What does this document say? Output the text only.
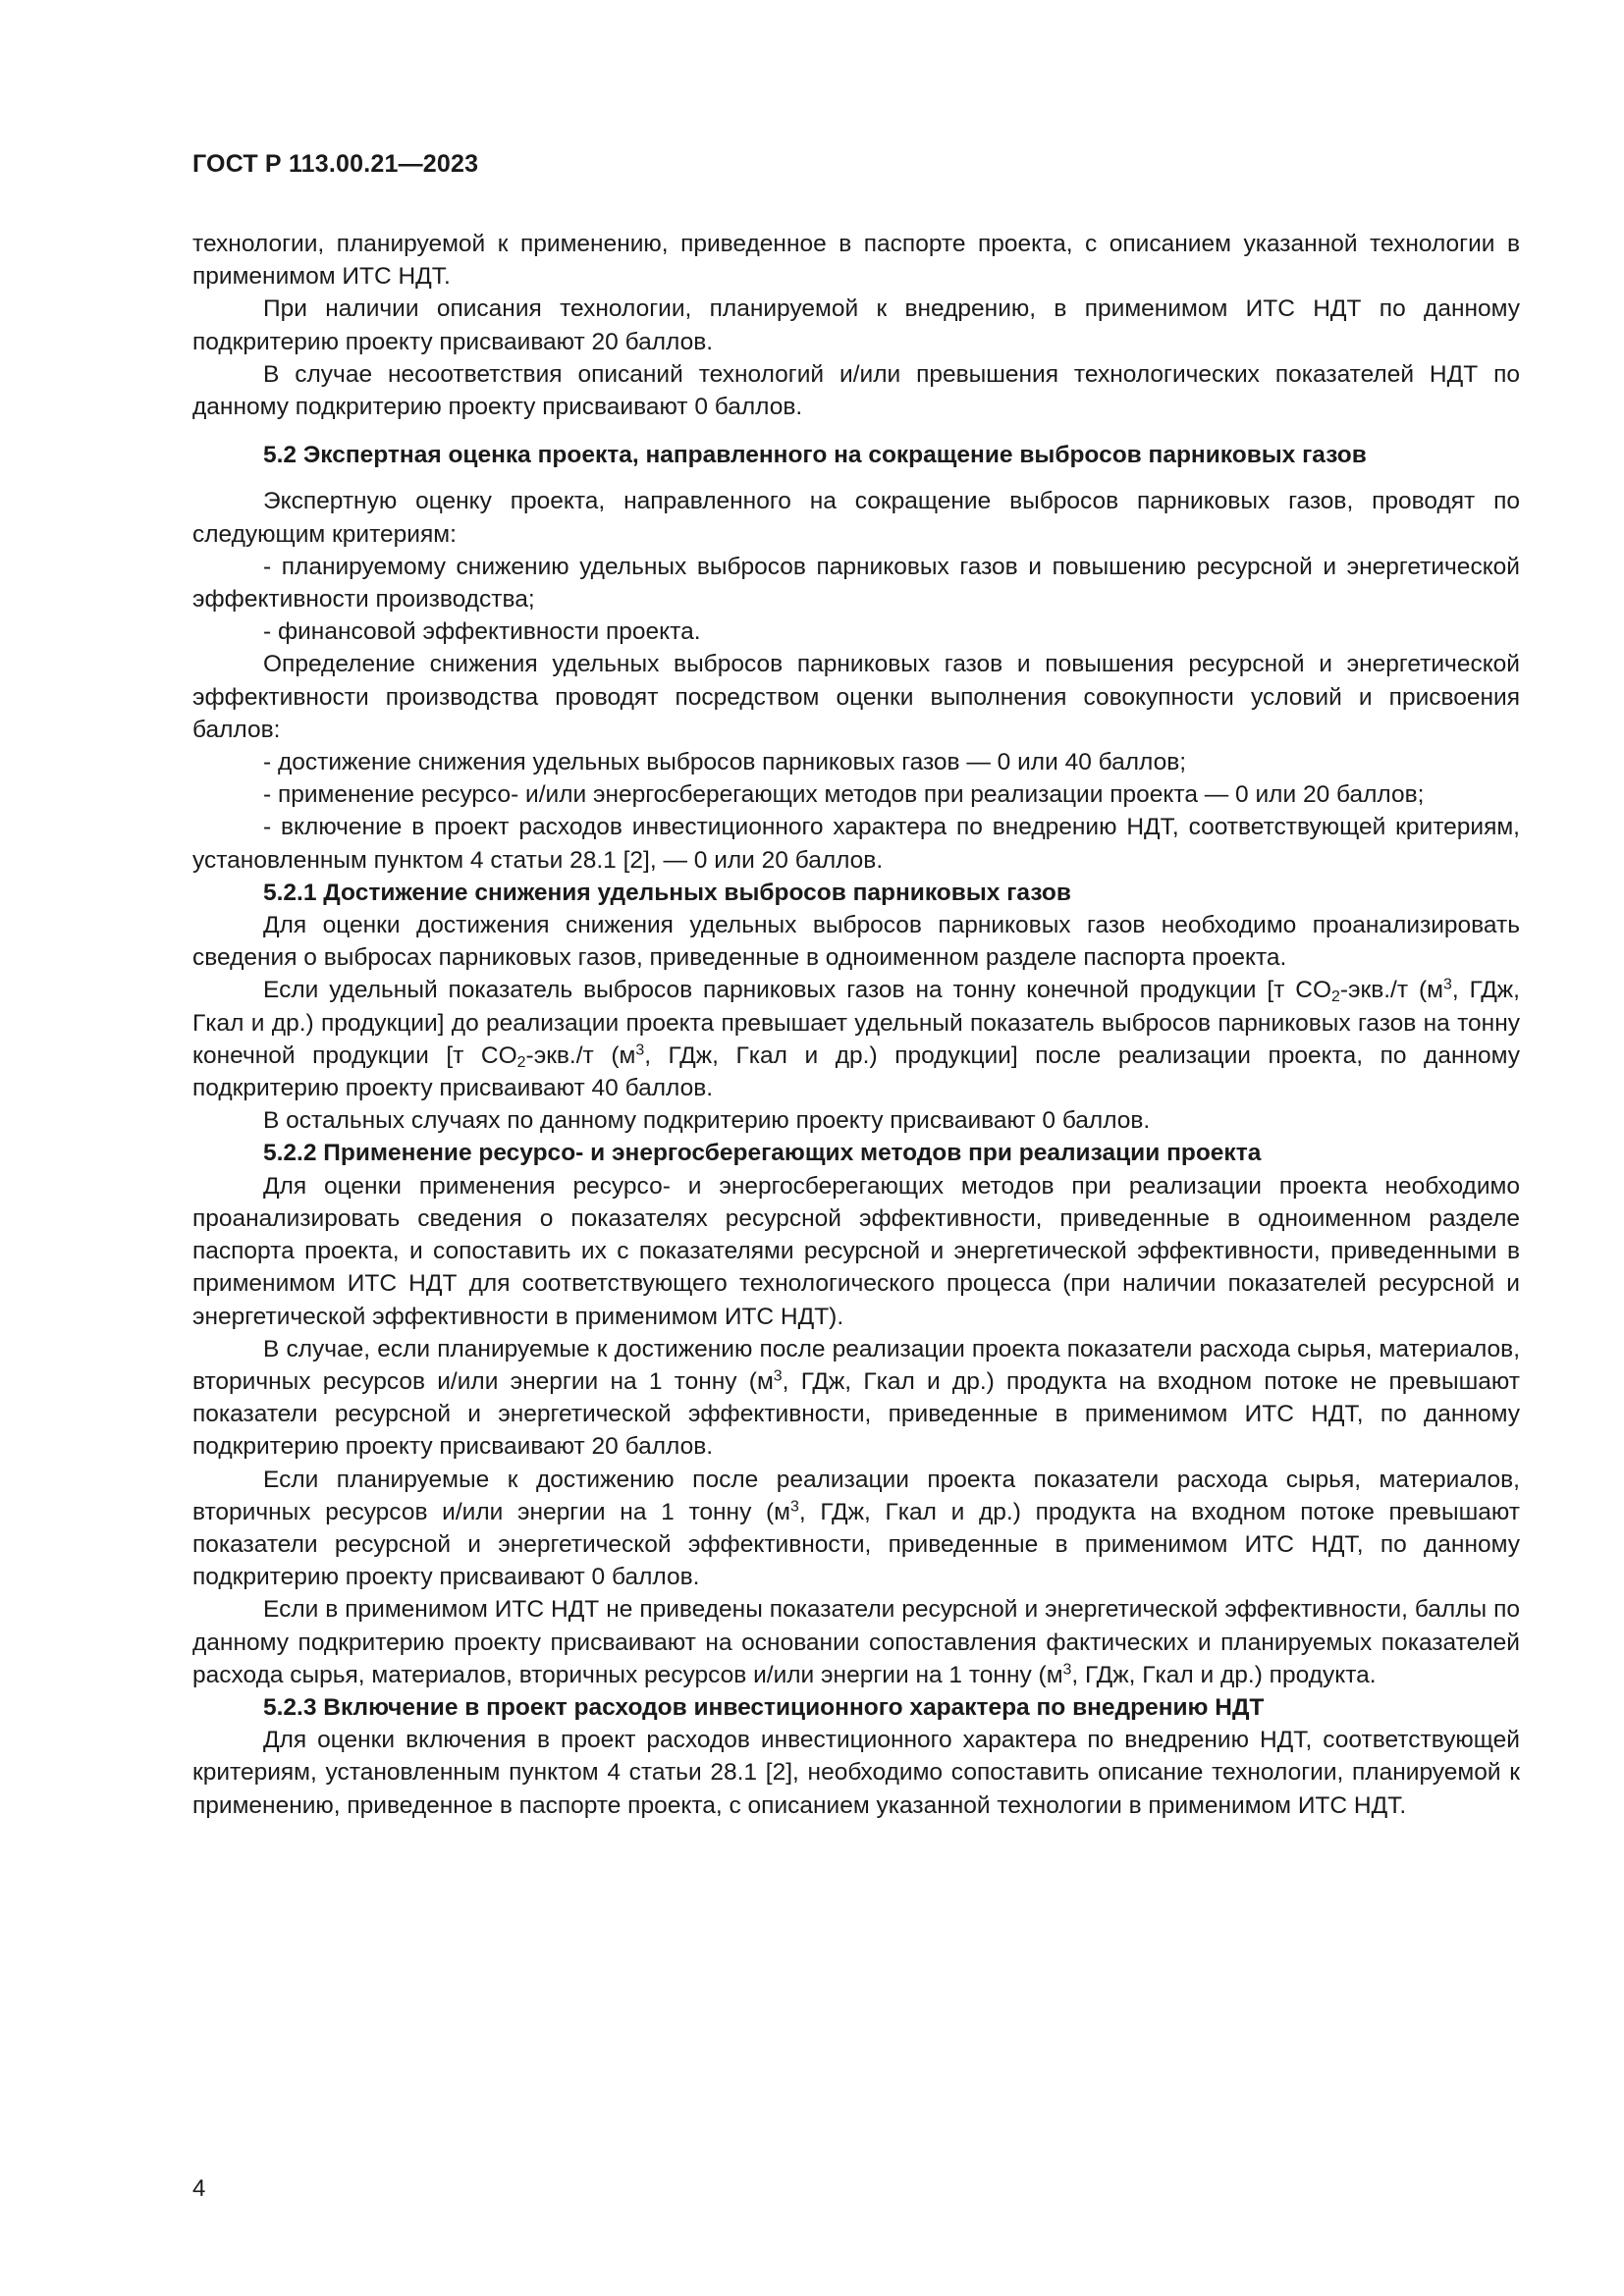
ГОСТ Р 113.00.21—2023

технологии, планируемой к применению, приведенное в паспорте проекта, с описанием указанной технологии в применимом ИТС НДТ.

При наличии описания технологии, планируемой к внедрению, в применимом ИТС НДТ по данному подкритерию проекту присваивают 20 баллов.

В случае несоответствия описаний технологий и/или превышения технологических показателей НДТ по данному подкритерию проекту присваивают 0 баллов.

5.2 Экспертная оценка проекта, направленного на сокращение выбросов парниковых газов

Экспертную оценку проекта, направленного на сокращение выбросов парниковых газов, проводят по следующим критериям:

- планируемому снижению удельных выбросов парниковых газов и повышению ресурсной и энергетической эффективности производства;

- финансовой эффективности проекта.

Определение снижения удельных выбросов парниковых газов и повышения ресурсной и энергетической эффективности производства проводят посредством оценки выполнения совокупности условий и присвоения баллов:

- достижение снижения удельных выбросов парниковых газов — 0 или 40 баллов;

- применение ресурсо- и/или энергосберегающих методов при реализации проекта — 0 или 20 баллов;

- включение в проект расходов инвестиционного характера по внедрению НДТ, соответствующей критериям, установленным пунктом 4 статьи 28.1 [2], — 0 или 20 баллов.

5.2.1 Достижение снижения удельных выбросов парниковых газов

Для оценки достижения снижения удельных выбросов парниковых газов необходимо проанализировать сведения о выбросах парниковых газов, приведенные в одноименном разделе паспорта проекта.

Если удельный показатель выбросов парниковых газов на тонну конечной продукции [т $CO_2-экв./т$ ($м^3$, ГДж, Гкал и др.) продукции] до реализации проекта превышает удельный показатель выбросов парниковых газов на тонну конечной продукции [т $CO_2-экв./т$ ($м^3$, ГДж, Гкал и др.) продукции] после реализации проекта, по данному подкритерию проекту присваивают 40 баллов.

В остальных случаях по данному подкритерию проекту присваивают 0 баллов.

5.2.2 Применение ресурсо- и энергосберегающих методов при реализации проекта

Для оценки применения ресурсо- и энергосберегающих методов при реализации проекта необходимо проанализировать сведения о показателях ресурсной эффективности, приведенные в одноименном разделе паспорта проекта, и сопоставить их с показателями ресурсной и энергетической эффективности, приведенными в применимом ИТС НДТ для соответствующего технологического процесса (при наличии показателей ресурсной и энергетической эффективности в применимом ИТС НДТ).

В случае, если планируемые к достижению после реализации проекта показатели расхода сырья, материалов, вторичных ресурсов и/или энергии на 1 тонну ($м^3$, ГДж, Гкал и др.) продукта на входном потоке не превышают показатели ресурсной и энергетической эффективности, приведенные в применимом ИТС НДТ, по данному подкритерию проекту присваивают 20 баллов.

Если планируемые к достижению после реализации проекта показатели расхода сырья, материалов, вторичных ресурсов и/или энергии на 1 тонну ($м^3$, ГДж, Гкал и др.) продукта на входном потоке превышают показатели ресурсной и энергетической эффективности, приведенные в применимом ИТС НДТ, по данному подкритерию проекту присваивают 0 баллов.

Если в применимом ИТС НДТ не приведены показатели ресурсной и энергетической эффективности, баллы по данному подкритерию проекту присваивают на основании сопоставления фактических и планируемых показателей расхода сырья, материалов, вторичных ресурсов и/или энергии на 1 тонну ($м^3$, ГДж, Гкал и др.) продукта.

5.2.3 Включение в проект расходов инвестиционного характера по внедрению НДТ

Для оценки включения в проект расходов инвестиционного характера по внедрению НДТ, соответствующей критериям, установленным пунктом 4 статьи 28.1 [2], необходимо сопоставить описание технологии, планируемой к применению, приведенное в паспорте проекта, с описанием указанной технологии в применимом ИТС НДТ.

4
